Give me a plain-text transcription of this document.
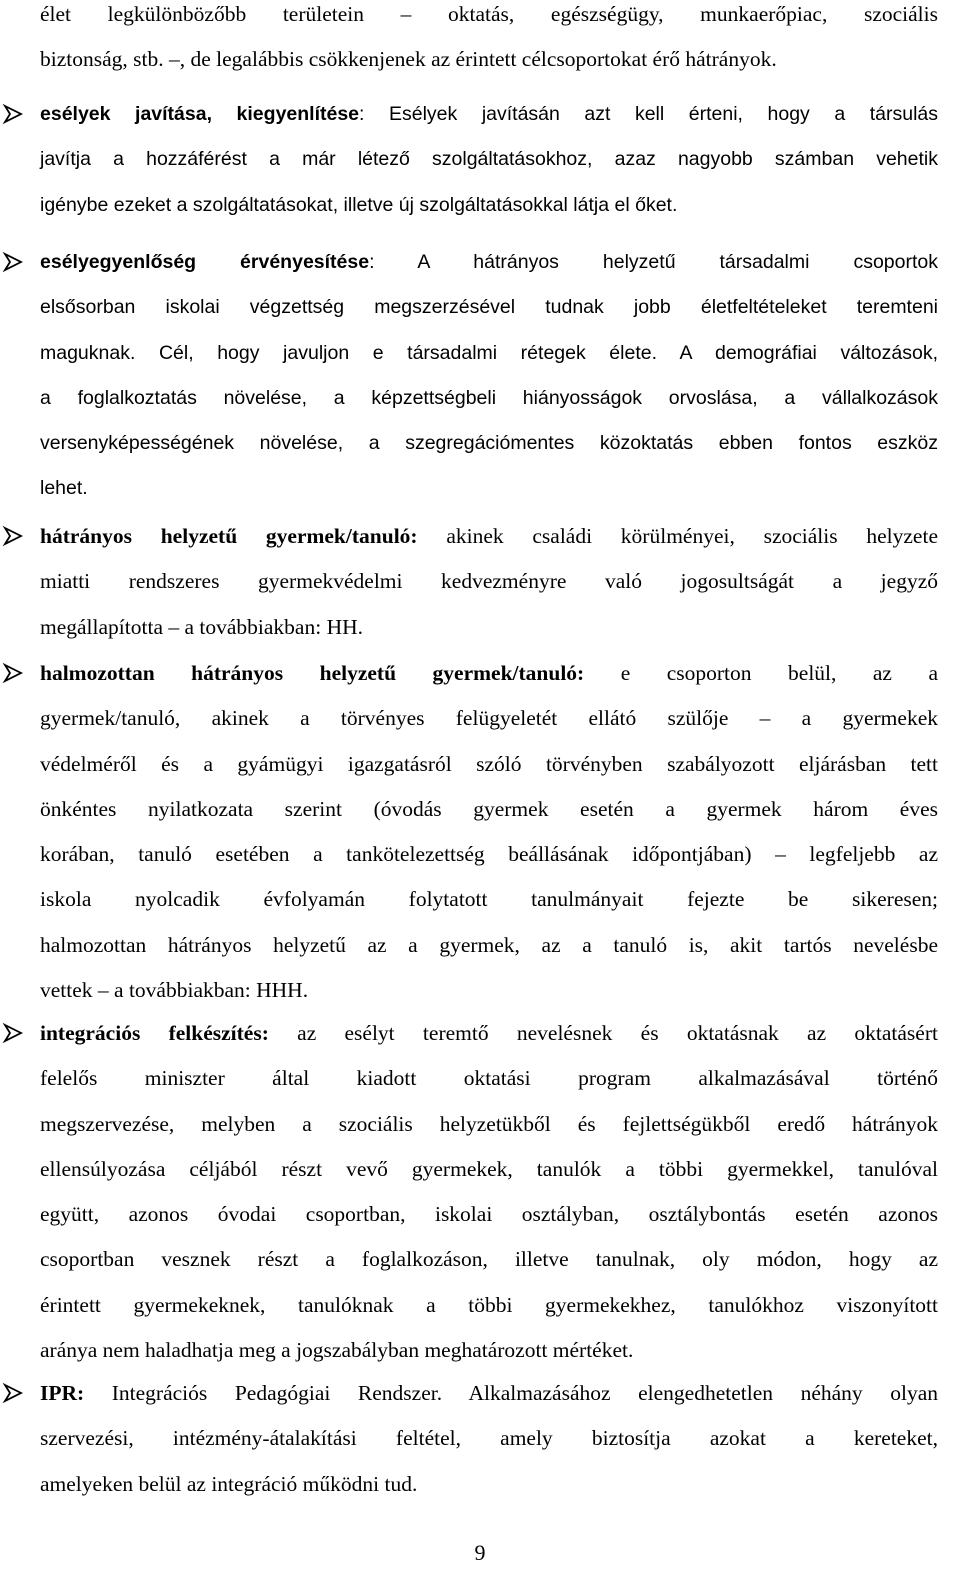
élet legkülönbözőbb területein – oktatás, egészségügy, munkaerőpiac, szociális
biztonság, stb. –, de legalábbis csökkenjenek az érintett célcsoportokat érő hátrányok.
esélyek javítása, kiegyenlítése: Esélyek javításán azt kell érteni, hogy a társulás
javítja a hozzáférést a már létező szolgáltatásokhoz, azaz nagyobb számban vehetik
igénybe ezeket a szolgáltatásokat, illetve új szolgáltatásokkal látja el őket.
esélyegyenlőség érvényesítése: A hátrányos helyzetű társadalmi csoportok
elsősorban iskolai végzettség megszerzésével tudnak jobb életfeltételeket teremteni
maguknak. Cél, hogy javuljon e társadalmi rétegek élete. A demográfiai változások,
a foglalkoztatás növelése, a képzettségbeli hiányosságok orvoslása, a vállalkozások
versenyképességének növelése, a szegregációmentes közoktatás ebben fontos eszköz
lehet.
hátrányos helyzetű gyermek/tanuló: akinek családi körülményei, szociális helyzete
miatti rendszeres gyermekvédelmi kedvezményre való jogosultságát a jegyző
megállapította – a továbbiakban: HH.
halmozottan hátrányos helyzetű gyermek/tanuló: e csoporton belül, az a
gyermek/tanuló, akinek a törvényes felügyeletét ellátó szülője – a gyermekek
védelméről és a gyámügyi igazgatásról szóló törvényben szabályozott eljárásban tett
önkéntes nyilatkozata szerint (óvodás gyermek esetén a gyermek három éves
korában, tanuló esetében a tankötelezettség beállásának időpontjában) – legfeljebb az
iskola nyolcadik évfolyamán folytatott tanulmányait fejezte be sikeresen;
halmozottan hátrányos helyzetű az a gyermek, az a tanuló is, akit tartós nevelésbe
vettek – a továbbiakban: HHH.
integrációs felkészítés: az esélyt teremtő nevelésnek és oktatásnak az oktatásért
felelős miniszter által kiadott oktatási program alkalmazásával történő
megszervezése, melyben a szociális helyzetükből és fejlettségükből eredő hátrányok
ellensúlyozása céljából részt vevő gyermekek, tanulók a többi gyermekkel, tanulóval
együtt, azonos óvodai csoportban, iskolai osztályban, osztálybontás esetén azonos
csoportban vesznek részt a foglalkozáson, illetve tanulnak, oly módon, hogy az
érintett gyermekeknek, tanulóknak a többi gyermekekhez, tanulókhoz viszonyított
aránya nem haladhatja meg a jogszabályban meghatározott mértéket.
IPR: Integrációs Pedagógiai Rendszer. Alkalmazásához elengedhetetlen néhány olyan
szervezési, intézmény-átalakítási feltétel, amely biztosítja azokat a kereteket,
amelyeken belül az integráció működni tud.
9
